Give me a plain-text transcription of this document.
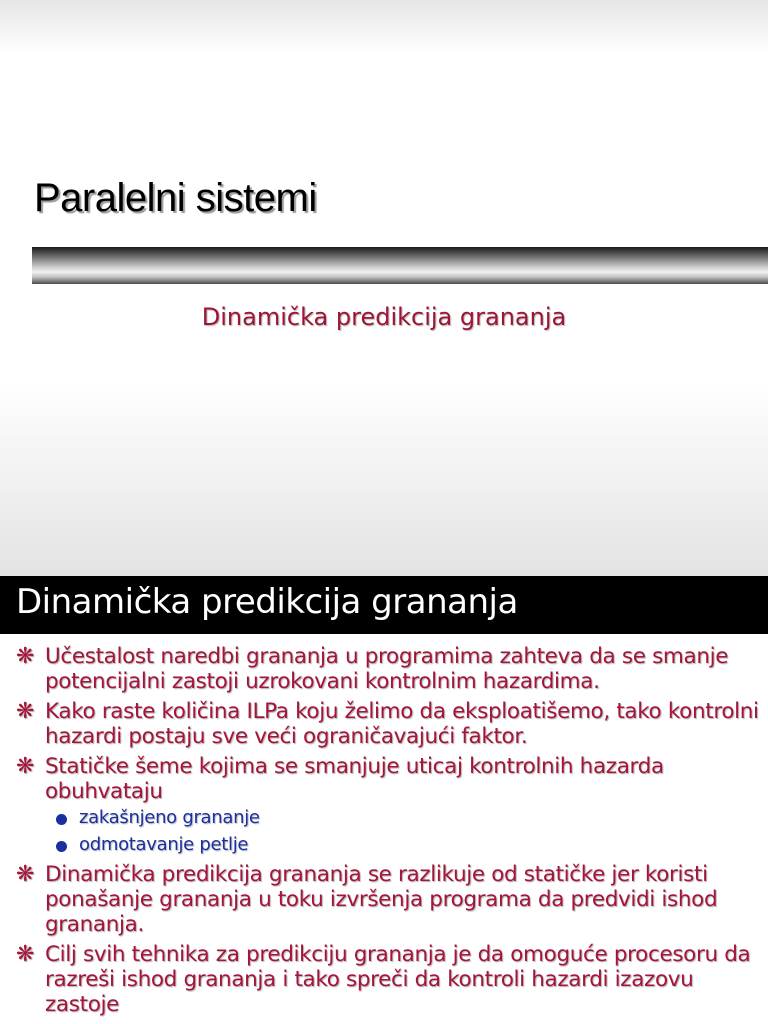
Paralelni sistemi
Dinamička predikcija grananja
Dinamička predikcija grananja
❋ Učestalost naredbi grananja u programima zahteva da se smanje potencijalni zastoji uzrokovani kontrolnim hazardima.
❋ Kako raste količina ILPa koju želimo da eksploatišemo, tako kontrolni hazardi postaju sve veći ograničavajući faktor.
❋ Statičke šeme kojima se smanjuje uticaj kontrolnih hazarda obuhvataju
zakašnjeno grananje
odmotavanje petlje
❋ Dinamička predikcija grananja se razlikuje od statičke jer koristi ponašanje grananja u toku izvršenja programa da predvidi ishod grananja.
❋ Cilj svih tehnika za predikciju grananja je da omoguće procesoru da razreši ishod grananja i tako spreči da kontroli hazardi izazovu zastoje
